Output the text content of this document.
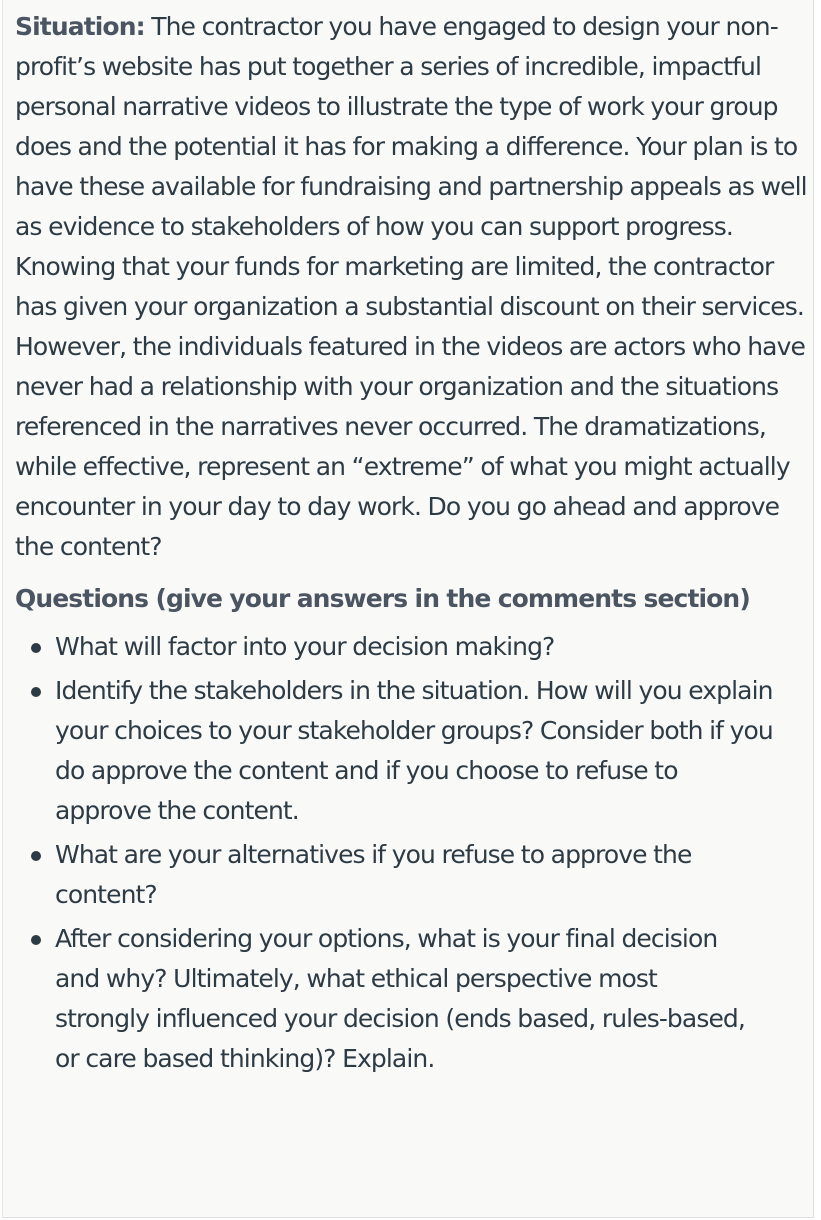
Situation: The contractor you have engaged to design your non-profit’s website has put together a series of incredible, impactful personal narrative videos to illustrate the type of work your group does and the potential it has for making a difference. Your plan is to have these available for fundraising and partnership appeals as well as evidence to stakeholders of how you can support progress. Knowing that your funds for marketing are limited, the contractor has given your organization a substantial discount on their services. However, the individuals featured in the videos are actors who have never had a relationship with your organization and the situations referenced in the narratives never occurred. The dramatizations, while effective, represent an “extreme” of what you might actually encounter in your day to day work. Do you go ahead and approve the content?

Questions (give your answers in the comments section)
What will factor into your decision making?
Identify the stakeholders in the situation. How will you explain your choices to your stakeholder groups? Consider both if you do approve the content and if you choose to refuse to approve the content.
What are your alternatives if you refuse to approve the content?
After considering your options, what is your final decision and why? Ultimately, what ethical perspective most strongly influenced your decision (ends based, rules-based, or care based thinking)? Explain.
